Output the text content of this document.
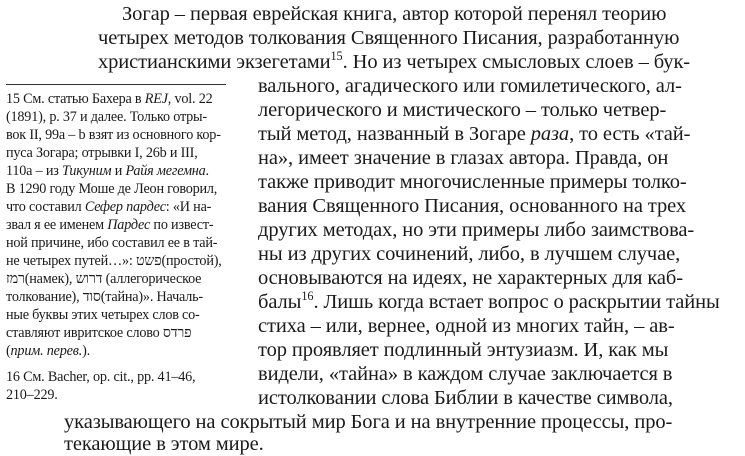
Зогар – первая еврейская книга, автор которой перенял теорию
четырех методов толкования Священного Писания, разработанную
христианскими экзегетами$^{15}$. Но из четырех смысловых слоев – бук-
вального, агадического или гомилетического, ал-
легорического и мистического – только четвер-
тый метод, названный в Зогаре раза, то есть «тай-
на», имеет значение в глазах автора. Правда, он
также приводит многочисленные примеры толко-
вания Священного Писания, основанного на трех
других методах, но эти примеры либо заимствова-
ны из других сочинений, либо, в лучшем случае,
основываются на идеях, не характерных для каб-
балы$^{16}$. Лишь когда встает вопрос о раскрытии тайны
стиха – или, вернее, одной из многих тайн, – ав-
тор проявляет подлинный энтузиазм. И, как мы
видели, «тайна» в каждом случае заключается в
истолковании слова Библии в качестве символа,
указывающего на сокрытый мир Бога и на внутренние процессы, про-
текающие в этом мире.
15 См. статью Бахера в REJ, vol. 22
(1891), p. 37 и далее. Только отры-
вок II, 99а – b взят из основного кор-
пуса Зогара; отрывки I, 26b и III,
110a – из Тикуним и Райя мегемна.
В 1290 году Моше де Леон говорил,
что составил Сефер пардес: «И на-
звал я ее именем Пардес по извест-
ной причине, ибо составил ее в тай-
не четырех путей…»: פשט(простой),
רמז(намек), דרוש (аллегорическое
толкование), סוד(тайна)». Началь-
ные буквы этих четырех слов со-
ставляют ивритское слово פרדס
(прим. перев.).
16 См. Bacher, op. cit., pp. 41–46,
210–229.
